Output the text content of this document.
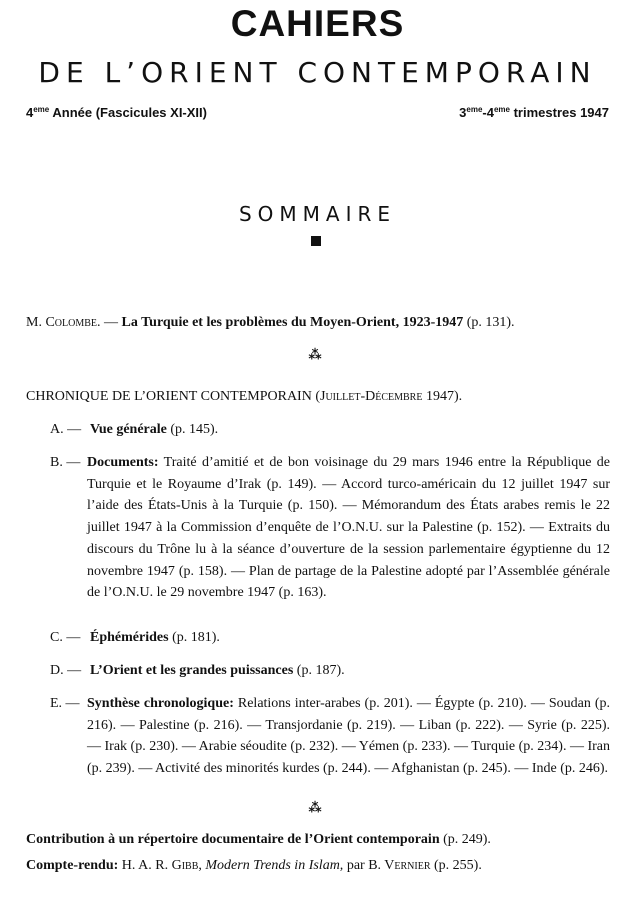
CAHIERS
DE L’ORIENT CONTEMPORAIN
4eme Année (Fascicules XI-XII)	3eme-4eme trimestres 1947
SOMMAIRE
M. Colombe. — La Turquie et les problèmes du Moyen-Orient, 1923-1947 (p. 131).
⁂
CHRONIQUE DE L’ORIENT CONTEMPORAIN (Juillet-Décembre 1947).
A. — Vue générale (p. 145).
B. — Documents: Traité d’amitié et de bon voisinage du 29 mars 1946 entre la République de Turquie et le Royaume d’Irak (p. 149). — Accord turco-américain du 12 juillet 1947 sur l’aide des États-Unis à la Turquie (p. 150). — Mémorandum des États arabes remis le 22 juillet 1947 à la Commission d’enquête de l’O.N.U. sur la Palestine (p. 152). — Extraits du discours du Trône lu à la séance d’ouverture de la session parlementaire égyptienne du 12 novembre 1947 (p. 158). — Plan de partage de la Palestine adopté par l’Assemblée générale de l’O.N.U. le 29 novembre 1947 (p. 163).
C. — Éphémérides (p. 181).
D. — L’Orient et les grandes puissances (p. 187).
E. — Synthèse chronologique: Relations inter-arabes (p. 201). — Égypte (p. 210). — Soudan (p. 216). — Palestine (p. 216). — Transjordanie (p. 219). — Liban (p. 222). — Syrie (p. 225). — Irak (p. 230). — Arabie séoudite (p. 232). — Yémen (p. 233). — Turquie (p. 234). — Iran (p. 239). — Activité des minorités kurdes (p. 244). — Afghanistan (p. 245). — Inde (p. 246).
⁂
Contribution à un répertoire documentaire de l’Orient contemporain (p. 249).
Compte-rendu: H. A. R. Gibb, Modern Trends in Islam, par B. Vernier (p. 255).
